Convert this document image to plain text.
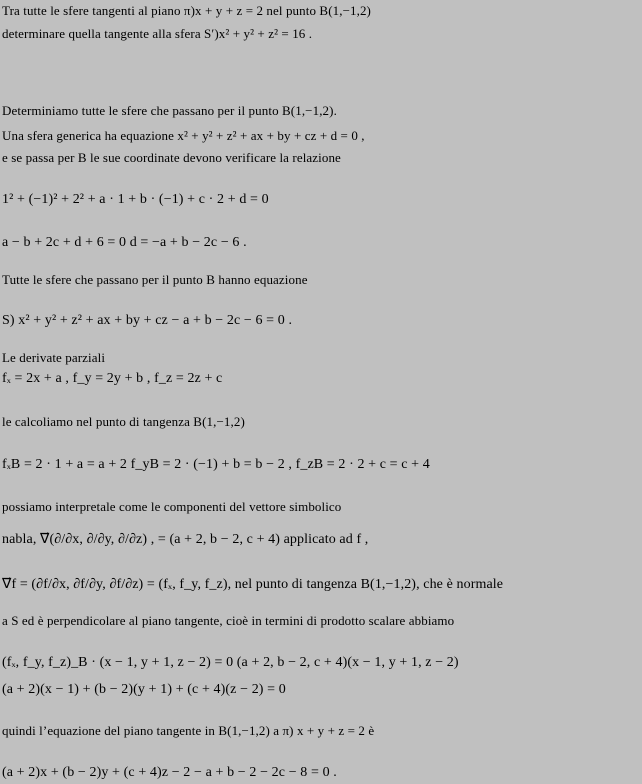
Tra tutte le sfere tangenti al piano π)x + y + z = 2 nel punto B(1,−1,2)
determinare quella tangente alla sfera S′)x² + y² + z² = 16 .
Determiniamo tutte le sfere che passano per il punto B(1,−1,2).
Una sfera generica ha equazione x² + y² + z² + ax + by + cz + d = 0 ,
e se passa per B le sue coordinate devono verificare la relazione
1² + (−1)² + 2² + a · 1 + b · (−1) + c · 2 + d = 0
a − b + 2c + d + 6 = 0 d = −a + b − 2c − 6 .
Tutte le sfere che passano per il punto B hanno equazione
S) x² + y² + z² + ax + by + cz − a + b − 2c − 6 = 0 .
Le derivate parziali
fₓ = 2x + a , f_y = 2y + b , f_z = 2z + c
le calcoliamo nel punto di tangenza B(1,−1,2)
fₓB = 2 · 1 + a = a + 2 f_yB = 2 · (−1) + b = b − 2 , f_zB = 2 · 2 + c = c + 4
possiamo interpretale come le componenti del vettore simbolico
nabla, ∇⃗(∂/∂x, ∂/∂y, ∂/∂z) , = (a + 2, b − 2, c + 4) applicato ad f ,
∇⃗f = (∂f/∂x, ∂f/∂y, ∂f/∂z) = (fₓ, f_y, f_z), nel punto di tangenza B(1,−1,2), che è normale
a S ed è perpendicolare al piano tangente, cioè in termini di prodotto scalare abbiamo
(fₓ, f_y, f_z)_B · (x − 1, y + 1, z − 2) = 0 (a + 2, b − 2, c + 4)(x − 1, y + 1, z − 2)
(a + 2)(x − 1) + (b − 2)(y + 1) + (c + 4)(z − 2) = 0
quindi l’equazione del piano tangente in B(1,−1,2) a π) x + y + z = 2 è
(a + 2)x + (b − 2)y + (c + 4)z − 2 − a + b − 2 − 2c − 8 = 0 .
